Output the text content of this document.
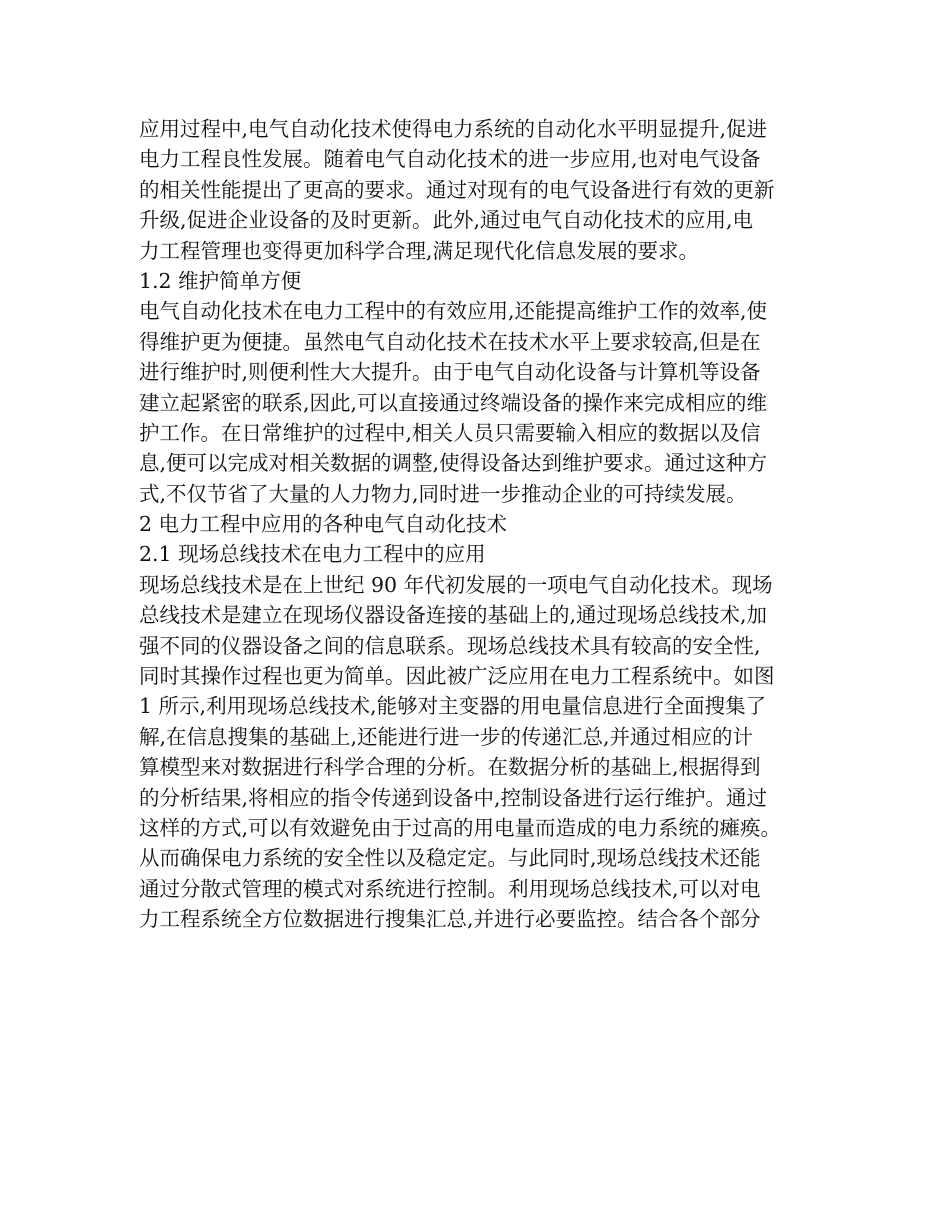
应用过程中,电气自动化技术使得电力系统的自动化水平明显提升,促进
电力工程良性发展。随着电气自动化技术的进一步应用,也对电气设备
的相关性能提出了更高的要求。通过对现有的电气设备进行有效的更新
升级,促进企业设备的及时更新。此外,通过电气自动化技术的应用,电
力工程管理也变得更加科学合理,满足现代化信息发展的要求。
1.2 维护简单方便
电气自动化技术在电力工程中的有效应用,还能提高维护工作的效率,使
得维护更为便捷。虽然电气自动化技术在技术水平上要求较高,但是在
进行维护时,则便利性大大提升。由于电气自动化设备与计算机等设备
建立起紧密的联系,因此,可以直接通过终端设备的操作来完成相应的维
护工作。在日常维护的过程中,相关人员只需要输入相应的数据以及信
息,便可以完成对相关数据的调整,使得设备达到维护要求。通过这种方
式,不仅节省了大量的人力物力,同时进一步推动企业的可持续发展。
2 电力工程中应用的各种电气自动化技术
2.1 现场总线技术在电力工程中的应用
现场总线技术是在上世纪 90 年代初发展的一项电气自动化技术。现场
总线技术是建立在现场仪器设备连接的基础上的,通过现场总线技术,加
强不同的仪器设备之间的信息联系。现场总线技术具有较高的安全性,
同时其操作过程也更为简单。因此被广泛应用在电力工程系统中。如图
1 所示,利用现场总线技术,能够对主变器的用电量信息进行全面搜集了
解,在信息搜集的基础上,还能进行进一步的传递汇总,并通过相应的计
算模型来对数据进行科学合理的分析。在数据分析的基础上,根据得到
的分析结果,将相应的指令传递到设备中,控制设备进行运行维护。通过
这样的方式,可以有效避免由于过高的用电量而造成的电力系统的瘫痪。
从而确保电力系统的安全性以及稳定定。与此同时,现场总线技术还能
通过分散式管理的模式对系统进行控制。利用现场总线技术,可以对电
力工程系统全方位数据进行搜集汇总,并进行必要监控。结合各个部分
